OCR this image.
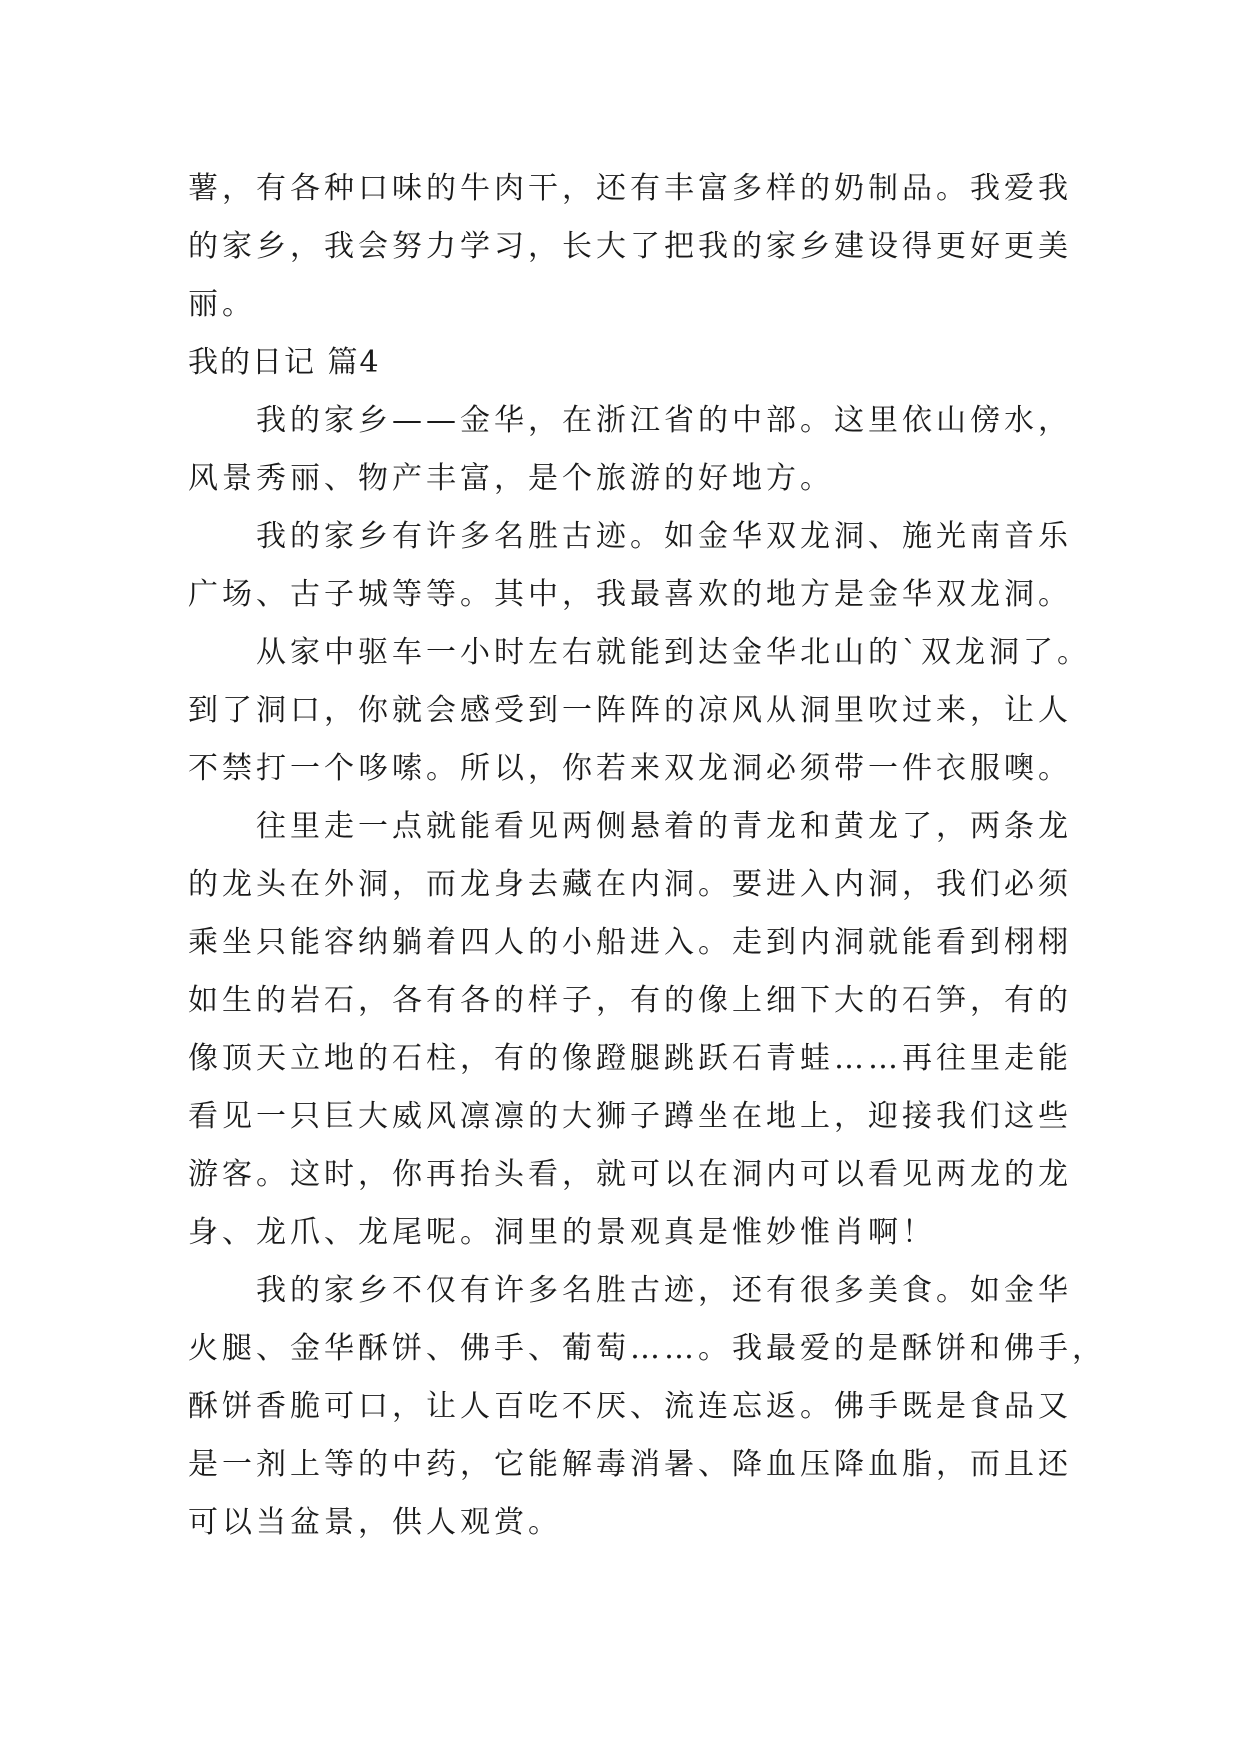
薯，有各种口味的牛肉干，还有丰富多样的奶制品。我爱我
的家乡，我会努力学习，长大了把我的家乡建设得更好更美
丽。
我的日记 篇4
我的家乡——金华，在浙江省的中部。这里依山傍水，
风景秀丽、物产丰富，是个旅游的好地方。
我的家乡有许多名胜古迹。如金华双龙洞、施光南音乐
广场、古子城等等。其中，我最喜欢的地方是金华双龙洞。
从家中驱车一小时左右就能到达金华北山的`双龙洞了。
到了洞口，你就会感受到一阵阵的凉风从洞里吹过来，让人
不禁打一个哆嗦。所以，你若来双龙洞必须带一件衣服噢。
往里走一点就能看见两侧悬着的青龙和黄龙了，两条龙
的龙头在外洞，而龙身去藏在内洞。要进入内洞，我们必须
乘坐只能容纳躺着四人的小船进入。走到内洞就能看到栩栩
如生的岩石，各有各的样子，有的像上细下大的石笋，有的
像顶天立地的石柱，有的像蹬腿跳跃石青蛙……再往里走能
看见一只巨大威风凛凛的大狮子蹲坐在地上，迎接我们这些
游客。这时，你再抬头看，就可以在洞内可以看见两龙的龙
身、龙爪、龙尾呢。洞里的景观真是惟妙惟肖啊！
我的家乡不仅有许多名胜古迹，还有很多美食。如金华
火腿、金华酥饼、佛手、葡萄……。我最爱的是酥饼和佛手，
酥饼香脆可口，让人百吃不厌、流连忘返。佛手既是食品又
是一剂上等的中药，它能解毒消暑、降血压降血脂，而且还
可以当盆景，供人观赏。
